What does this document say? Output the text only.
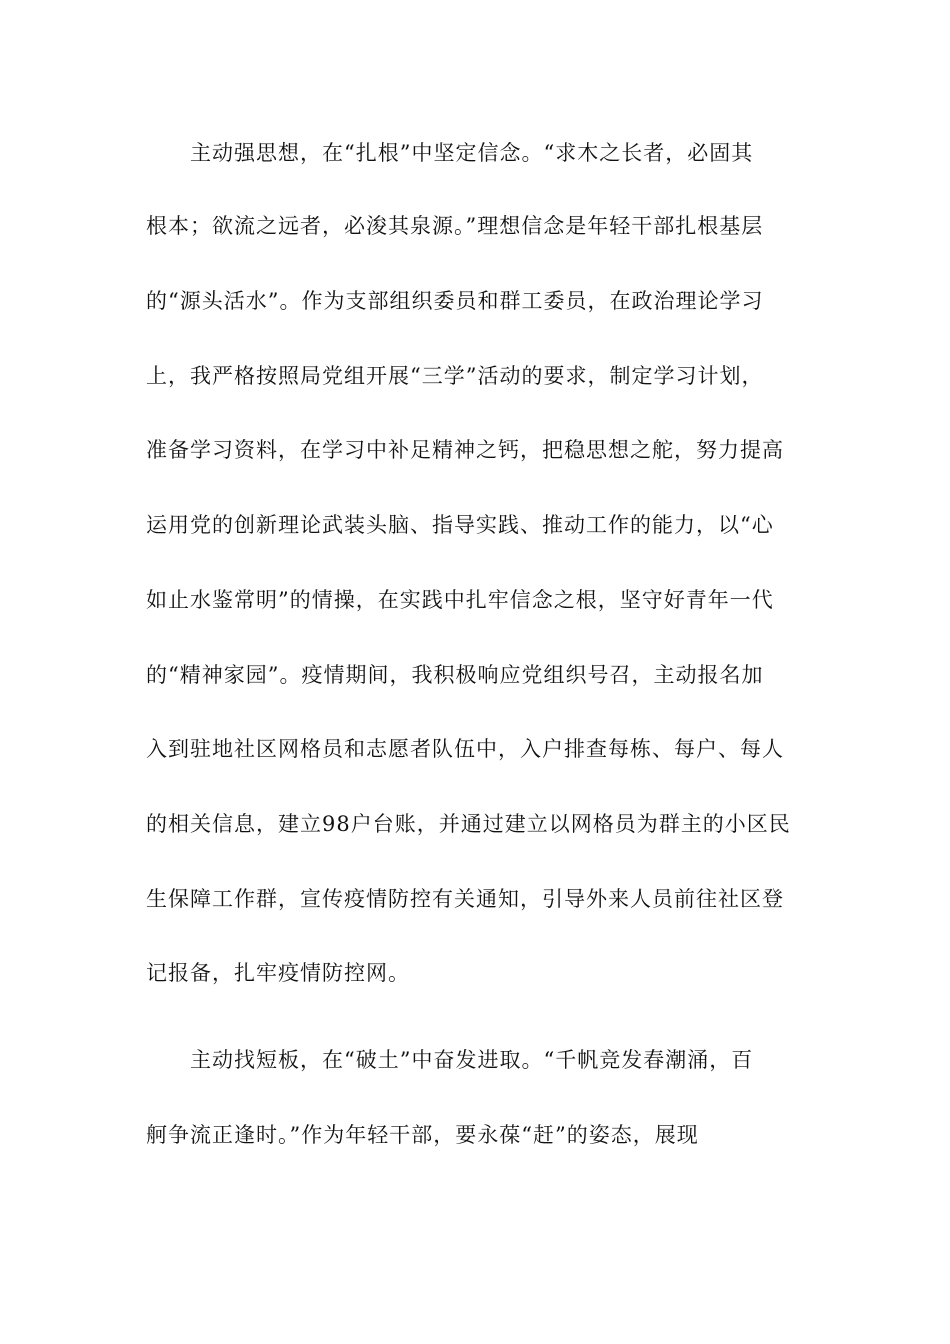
主动强思想，在“扎根”中坚定信念。“求木之长者，必固其
根本；欲流之远者，必浚其泉源。”理想信念是年轻干部扎根基层
的“源头活水”。作为支部组织委员和群工委员，在政治理论学习
上，我严格按照局党组开展“三学”活动的要求，制定学习计划，
准备学习资料，在学习中补足精神之钙，把稳思想之舵，努力提高
运用党的创新理论武装头脑、指导实践、推动工作的能力，以“心
如止水鉴常明”的情操，在实践中扎牢信念之根，坚守好青年一代
的“精神家园”。疫情期间，我积极响应党组织号召，主动报名加
入到驻地社区网格员和志愿者队伍中，入户排查每栋、每户、每人
的相关信息，建立98户台账，并通过建立以网格员为群主的小区民
生保障工作群，宣传疫情防控有关通知，引导外来人员前往社区登
记报备，扎牢疫情防控网。
主动找短板，在“破土”中奋发进取。“千帆竞发春潮涌，百
舸争流正逢时。”作为年轻干部，要永葆“赶”的姿态，展现
